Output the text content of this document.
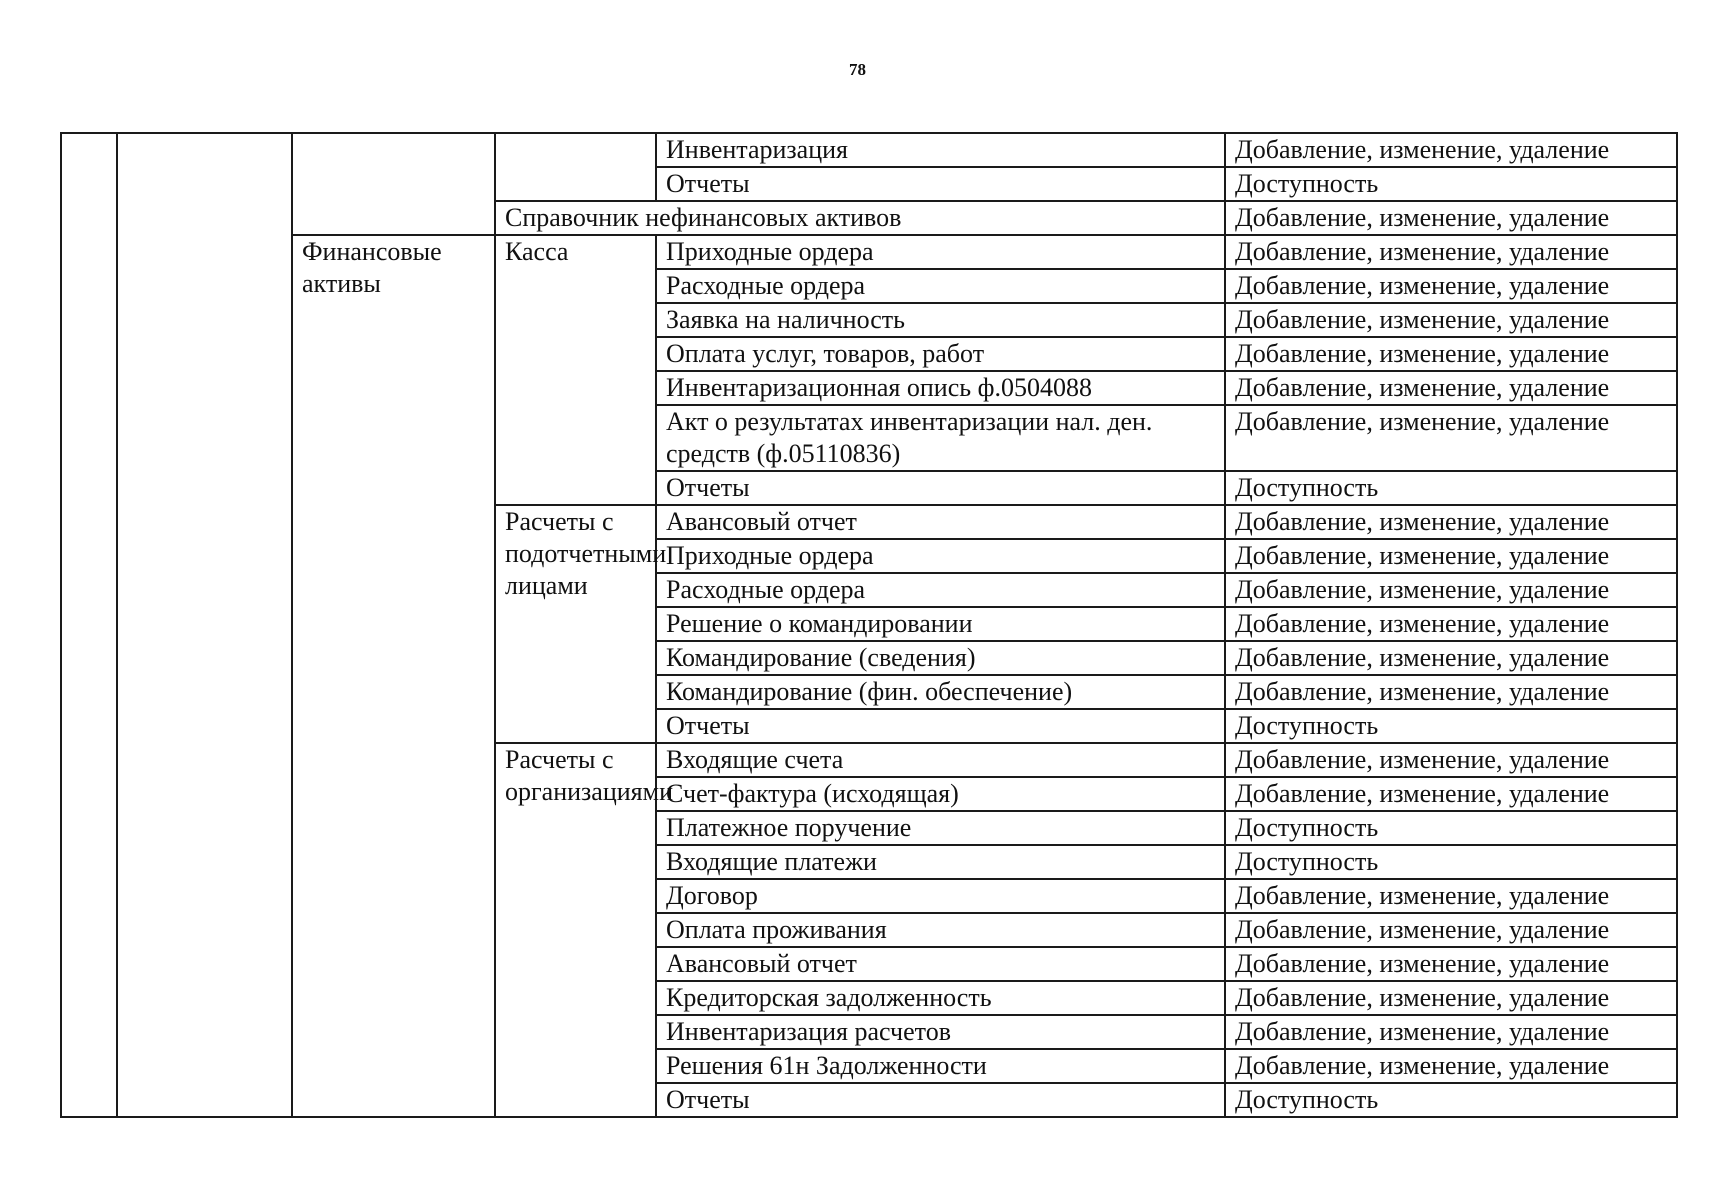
78
				Инвентаризация	Добавление, изменение, удаление
				Отчеты	Доступность
			Справочник нефинансовых активов		Добавление, изменение, удаление
		Финансовые активы	Касса	Приходные ордера	Добавление, изменение, удаление
				Расходные ордера	Добавление, изменение, удаление
				Заявка на наличность	Добавление, изменение, удаление
				Оплата услуг, товаров, работ	Добавление, изменение, удаление
				Инвентаризационная опись ф.0504088	Добавление, изменение, удаление
				Акт о результатах инвентаризации нал. ден. средств (ф.05110836)	Добавление, изменение, удаление
				Отчеты	Доступность
			Расчеты с подотчетными лицами	Авансовый отчет	Добавление, изменение, удаление
				Приходные ордера	Добавление, изменение, удаление
				Расходные ордера	Добавление, изменение, удаление
				Решение о командировании	Добавление, изменение, удаление
				Командирование (сведения)	Добавление, изменение, удаление
				Командирование (фин. обеспечение)	Добавление, изменение, удаление
				Отчеты	Доступность
			Расчеты с организациями	Входящие счета	Добавление, изменение, удаление
				Счет-фактура (исходящая)	Добавление, изменение, удаление
				Платежное поручение	Доступность
				Входящие платежи	Доступность
				Договор	Добавление, изменение, удаление
				Оплата проживания	Добавление, изменение, удаление
				Авансовый отчет	Добавление, изменение, удаление
				Кредиторская задолженность	Добавление, изменение, удаление
				Инвентаризация расчетов	Добавление, изменение, удаление
				Решения 61н Задолженности	Добавление, изменение, удаление
				Отчеты	Доступность
